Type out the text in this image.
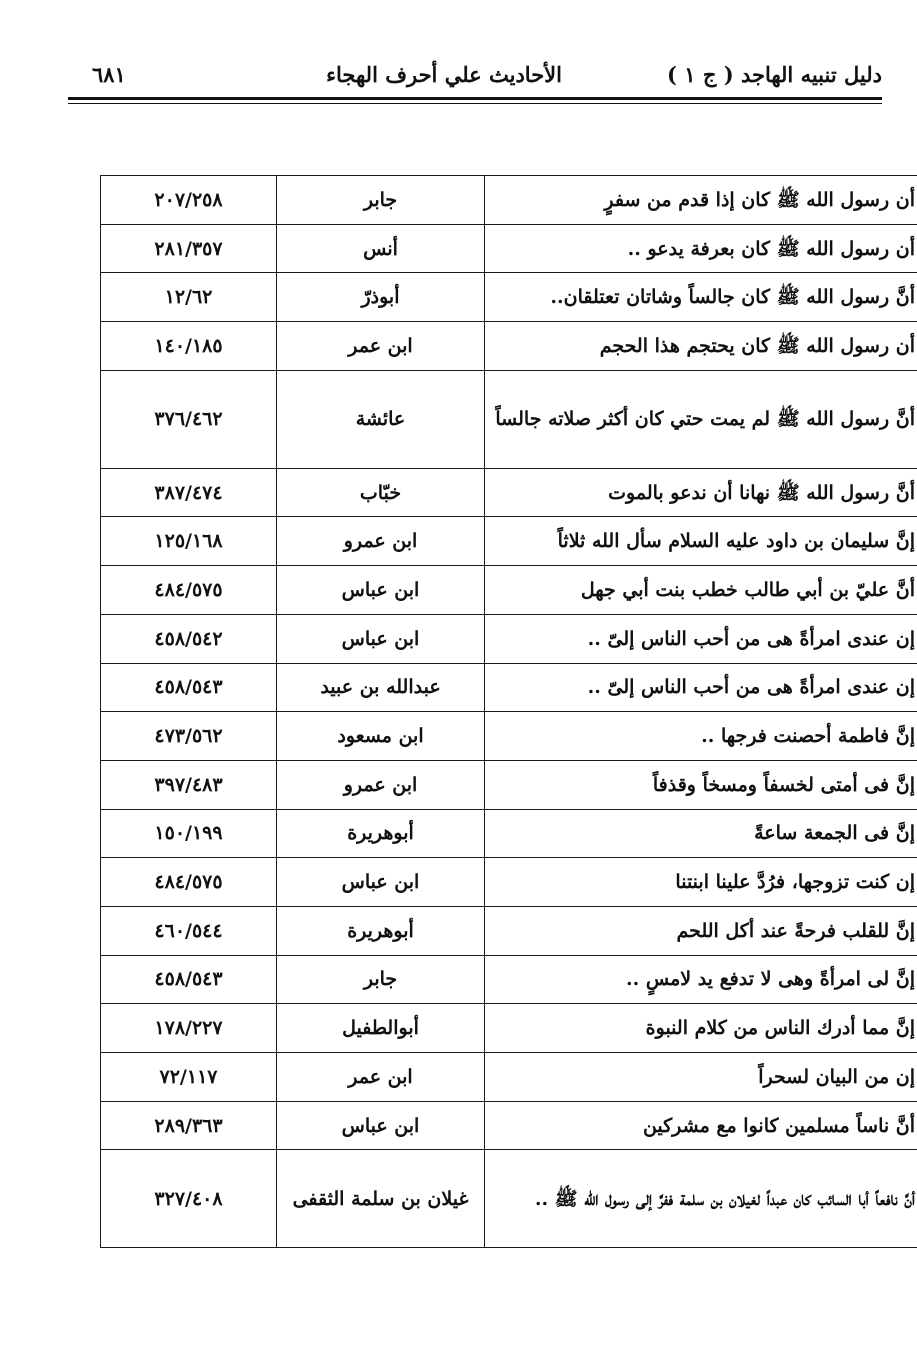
دليل تنبيه الهاجد ( ج ١ )
الأحاديث علي أحرف الهجاء
٦٨١
أن رسول الله ﷺ كان إذا قدم من سفرٍ	جابر	٢٠٧/٢٥٨
أن رسول الله ﷺ كان بعرفة يدعو ..	أنس	٢٨١/٣٥٧
أنَّ رسول الله ﷺ كان جالساً وشاتان تعتلقان..	أبوذرّ	١٢/٦٢
أن رسول الله ﷺ كان يحتجم هذا الحجم	ابن عمر	١٤٠/١٨٥
أنَّ رسول الله ﷺ لم يمت حتي كان أكثر صلاته جالساً	عائشة	٣٧٦/٤٦٢
أنَّ رسول الله ﷺ نهانا أن ندعو بالموت	خبّاب	٣٨٧/٤٧٤
إنَّ سليمان بن داود عليه السلام سأل الله ثلاثاً	ابن عمرو	١٢٥/١٦٨
أنَّ عليّ بن أبي طالب خطب بنت أبي جهل	ابن عباس	٤٨٤/٥٧٥
إن عندى امرأةً هى من أحب الناس إلىّ ..	ابن عباس	٤٥٨/٥٤٢
إن عندى امرأةً هى من أحب الناس إلىّ ..	عبدالله بن عبيد	٤٥٨/٥٤٣
إنَّ فاطمة أحصنت فرجها ..	ابن مسعود	٤٧٣/٥٦٢
إنَّ فى أمتى لخسفاً ومسخاً وقذفاً	ابن عمرو	٣٩٧/٤٨٣
إنَّ فى الجمعة ساعةً	أبوهريرة	١٥٠/١٩٩
إن كنت تزوجها، فرُدَّ علينا ابنتنا	ابن عباس	٤٨٤/٥٧٥
إنَّ للقلب فرحةً عند أكل اللحم	أبوهريرة	٤٦٠/٥٤٤
إنَّ لى امرأةً وهى لا تدفع يد لامسٍ ..	جابر	٤٥٨/٥٤٣
إنَّ مما أدرك الناس من كلام النبوة	أبوالطفيل	١٧٨/٢٢٧
إن من البيان لسحراً	ابن عمر	٧٢/١١٧
أنَّ ناساً مسلمين كانوا مع مشركين	ابن عباس	٢٨٩/٣٦٣
أنَّ نافعاً أبا السائب كان عبداً لغيلان بن سلمة ففرَّ إلى رسول الله ﷺ ..	غيلان بن سلمة الثقفى	٣٢٧/٤٠٨
